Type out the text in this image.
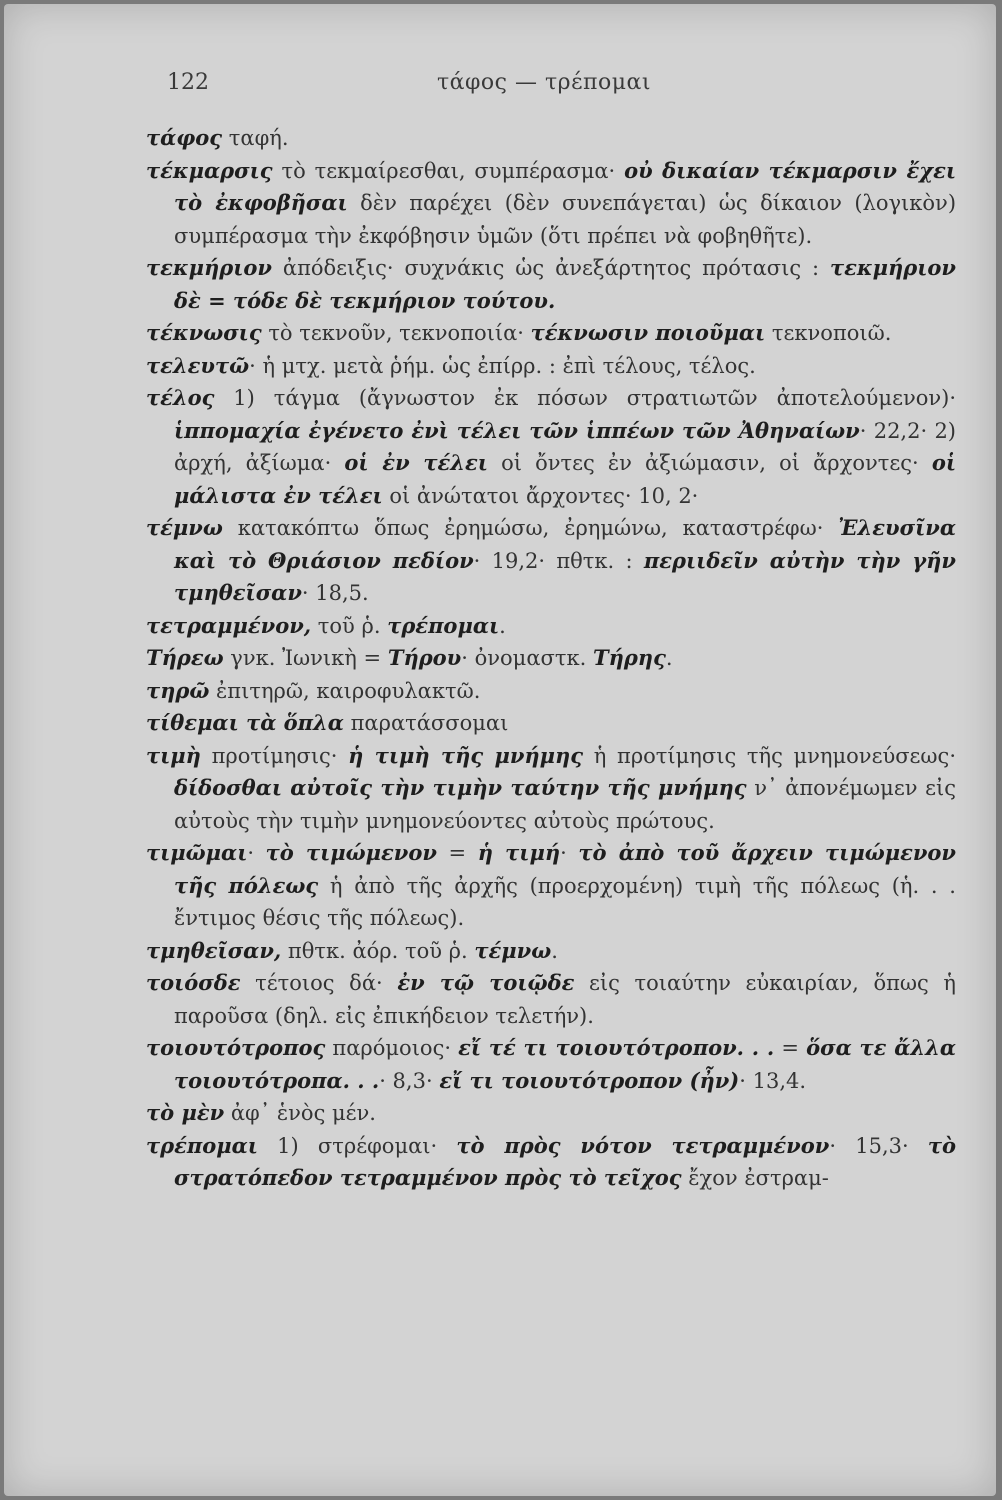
122	τάφος — τρέπομαι

τάφος ταφή.

τέκμαρσις τὸ τεκμαίρεσθαι, συμπέρασμα· οὐ δικαίαν τέκμαρσιν ἔχει τὸ ἐκφοβῆσαι δὲν παρέχει (δὲν συνεπάγεται) ὡς δίκαιον (λογικὸν) συμπέρασμα τὴν ἐκφόβησιν ὑμῶν (ὅτι πρέπει νὰ φοβηθῆτε).

τεκμήριον ἀπόδειξις· συχνάκις ὡς ἀνεξάρτητος πρότασις : τεκμήριον δὲ = τόδε δὲ τεκμήριον τούτου.

τέκνωσις τὸ τεκνοῦν, τεκνοποιία· τέκνωσιν ποιοῦμαι τεκνοποιῶ.

τελευτῶ· ἡ μτχ. μετὰ ῥήμ. ὡς ἐπίρρ. : ἐπὶ τέλους, τέλος.

τέλος 1) τάγμα (ἄγνωστον ἐκ πόσων στρατιωτῶν ἀποτελούμενον)· ἱππομαχία ἐγένετο ἐνὶ τέλει τῶν ἱππέων τῶν Ἀθηναίων· 22,2· 2) ἀρχή, ἀξίωμα· οἱ ἐν τέλει οἱ ὄντες ἐν ἀξιώμασιν, οἱ ἄρχοντες· οἱ μάλιστα ἐν τέλει οἱ ἀνώτατοι ἄρχοντες· 10, 2·

τέμνω κατακόπτω ὅπως ἐρημώσω, ἐρημώνω, καταστρέφω· Ἐλευσῖνα καὶ τὸ Θριάσιον πεδίον· 19,2· πθτκ. : περιιδεῖν αὐτὴν τὴν γῆν τμηθεῖσαν· 18,5.

τετραμμένον, τοῦ ῥ. τρέπομαι.

Τήρεω γνκ. Ἰωνικὴ = Τήρου· ὀνομαστκ. Τήρης.

τηρῶ ἐπιτηρῶ, καιροφυλακτῶ.

τίθεμαι τὰ ὅπλα παρατάσσομαι

τιμὴ προτίμησις· ἡ τιμὴ τῆς μνήμης ἡ προτίμησις τῆς μνημονεύσεως· δίδοσθαι αὐτοῖς τὴν τιμὴν ταύτην τῆς μνήμης ν᾽ ἀπονέμωμεν εἰς αὐτοὺς τὴν τιμὴν μνημονεύοντες αὐτοὺς πρώτους.

τιμῶμαι· τὸ τιμώμενον = ἡ τιμή· τὸ ἀπὸ τοῦ ἄρχειν τιμώμενον τῆς πόλεως ἡ ἀπὸ τῆς ἀρχῆς (προερχομένη) τιμὴ τῆς πόλεως (ἡ. . . ἔντιμος θέσις τῆς πόλεως).

τμηθεῖσαν, πθτκ. ἀόρ. τοῦ ῥ. τέμνω.

τοιόσδε τέτοιος δά· ἐν τῷ τοιῷδε εἰς τοιαύτην εὐκαιρίαν, ὅπως ἡ παροῦσα (δηλ. εἰς ἐπικήδειον τελετήν).

τοιουτότροπος παρόμοιος· εἴ τέ τι τοιουτότροπον. . . = ὅσα τε ἄλλα τοιουτότροπα. . .· 8,3· εἴ τι τοιουτότροπον (ἦν)· 13,4.

τὸ μὲν ἀφ᾽ ἑνὸς μέν.

τρέπομαι 1) στρέφομαι· τὸ πρὸς νότον τετραμμένον· 15,3· τὸ στρατόπεδον τετραμμένον πρὸς τὸ τεῖχος ἔχον ἐστραμ-
